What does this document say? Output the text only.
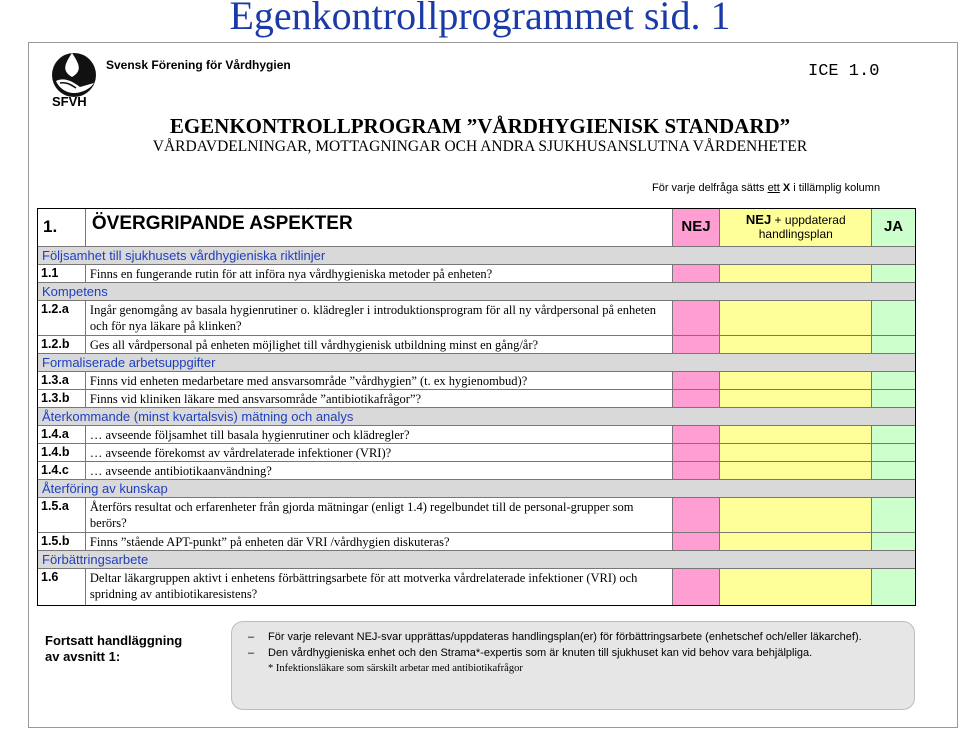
Egenkontrollprogrammet sid. 1
SFVH
Svensk Förening för Vårdhygien	ICE 1.0
EGENKONTROLLPROGRAM ”VÅRDHYGIENISK STANDARD”
VÅRDAVDELNINGAR, MOTTAGNINGAR OCH ANDRA SJUKHUSANSLUTNA VÅRDENHETER
För varje delfråga sätts ett X i tillämplig kolumn
1.	ÖVERGRIPANDE ASPEKTER	NEJ	NEJ + uppdaterad handlingsplan	JA
Följsamhet till sjukhusets vårdhygieniska riktlinjer
1.1	Finns en fungerande rutin för att införa nya vårdhygieniska metoder på enheten?
Kompetens
1.2.a	Ingår genomgång av basala hygienrutiner o. klädregler i introduktionsprogram för all ny vårdpersonal på enheten och för nya läkare på klinken?
1.2.b	Ges all vårdpersonal på enheten möjlighet till vårdhygienisk utbildning minst en gång/år?
Formaliserade arbetsuppgifter
1.3.a	Finns vid enheten medarbetare med ansvarsområde ”vårdhygien” (t. ex hygienombud)?
1.3.b	Finns vid kliniken läkare med ansvarsområde ”antibiotikafrågor”?
Återkommande (minst kvartalsvis) mätning och analys
1.4.a	… avseende följsamhet till basala hygienrutiner och klädregler?
1.4.b	… avseende förekomst av vårdrelaterade infektioner (VRI)?
1.4.c	… avseende antibiotikaanvändning?
Återföring av kunskap
1.5.a	Återförs resultat och erfarenheter från gjorda mätningar (enligt 1.4) regelbundet till de personal-grupper som berörs?
1.5.b	Finns ”stående APT-punkt” på enheten där VRI /vårdhygien diskuteras?
Förbättringsarbete
1.6	Deltar läkargruppen aktivt i enhetens förbättringsarbete för att motverka vårdrelaterade infektioner (VRI) och spridning av antibiotikaresistens?
Fortsatt handläggning
av avsnitt 1:
–	För varje relevant NEJ-svar upprättas/uppdateras handlingsplan(er) för förbättringsarbete (enhetschef och/eller läkarchef).
–	Den vårdhygieniska enhet och den Strama*-expertis som är knuten till sjukhuset kan vid behov vara behjälpliga.
* Infektionsläkare som särskilt arbetar med antibiotikafrågor
